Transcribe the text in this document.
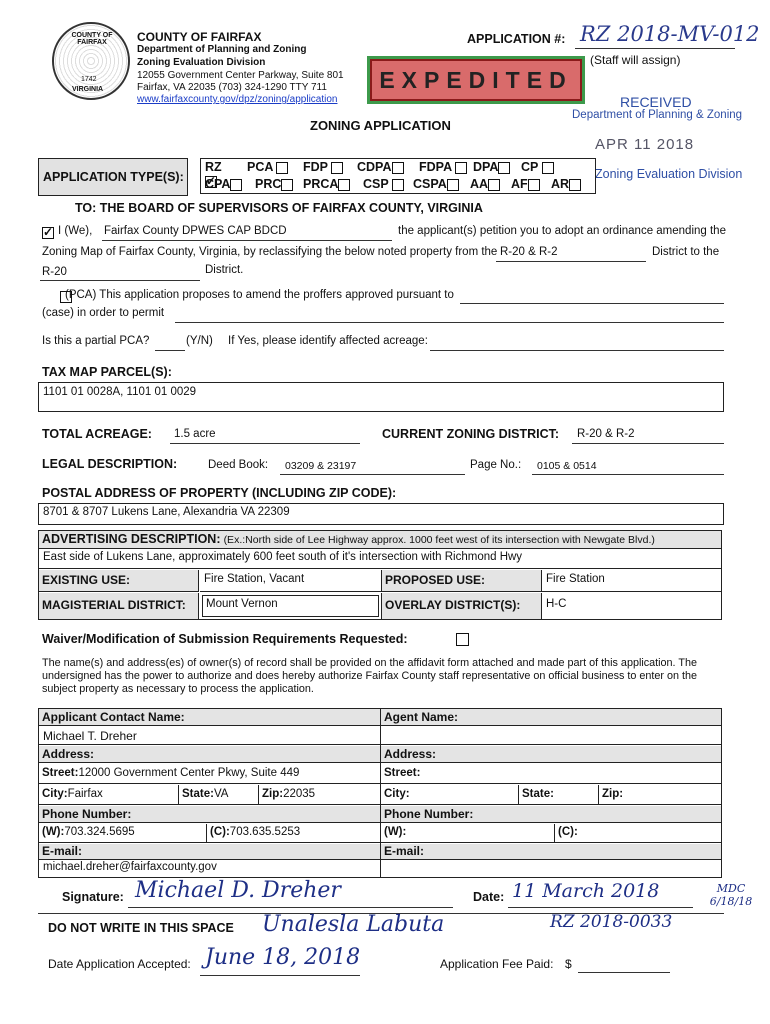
COUNTY OF FAIRFAX
1742
VIRGINIA
COUNTY OF FAIRFAX
Department of Planning and Zoning
Zoning Evaluation Division
12055 Government Center Parkway, Suite 801
Fairfax, VA 22035 (703) 324-1290 TTY 711
www.fairfaxcounty.gov/dpz/zoning/application
APPLICATION #: RZ 2018-MV-012
(Staff will assign)
EXPEDITED
ZONING APPLICATION
RECEIVED
Department of Planning & Zoning
APR 11 2018
Zoning Evaluation Division
APPLICATION TYPE(S):
RZ ✓ PCA	FDP	CDPA	FDPA	DPA	CP
CPA	PRC	PRCA	CSP	CSPA	AA	AF	AR
TO: THE BOARD OF SUPERVISORS OF FAIRFAX COUNTY, VIRGINIA
✓
I (We), Fairfax County DPWES CAP BDCD	the applicant(s) petition you to adopt an ordinance amending the
Zoning Map of Fairfax County, Virginia, by reclassifying the below noted property from the R-20 & R-2	District to the
R-20	District.

(PCA) This application proposes to amend the proffers approved pursuant to
(case) in order to permit
Is this a partial PCA?	(Y/N) If Yes, please identify affected acreage:
TAX MAP PARCEL(S):
1101 01 0028A, 1101 01 0029
TOTAL ACREAGE: 1.5 acre	CURRENT ZONING DISTRICT: R-20 & R-2
LEGAL DESCRIPTION:	Deed Book: 03209 & 23197	Page No.: 0105 & 0514
POSTAL ADDRESS OF PROPERTY (INCLUDING ZIP CODE):
8701 & 8707 Lukens Lane, Alexandria VA 22309
ADVERTISING DESCRIPTION: (Ex.:North side of Lee Highway approx. 1000 feet west of its intersection with Newgate Blvd.)
East side of Lukens Lane, approximately 600 feet south of it's intersection with Richmond Hwy
EXISTING USE:	Fire Station, Vacant	PROPOSED USE:	Fire Station
MAGISTERIAL DISTRICT:	Mount Vernon	OVERLAY DISTRICT(S):	H-C
Waiver/Modification of Submission Requirements Requested:
The name(s) and address(es) of owner(s) of record shall be provided on the affidavit form attached and made part of this application. The undersigned has the power to authorize and does hereby authorize Fairfax County staff representative on official business to enter on the subject property as necessary to process the application.
Applicant Contact Name:
Michael T. Dreher
Address:
Street:12000 Government Center Pkwy, Suite 449
City:Fairfax	State:VA	Zip:22035
Phone Number:
(W):703.324.5695	(C):703.635.5253
E-mail:
michael.dreher@fairfaxcounty.gov
Agent Name:
Address:
Street:
City:	State:	Zip:
Phone Number:
(W):	(C):
E-mail:
Signature: Michael D. Dreher	Date: 11 March 2018	MDC 6/18/18
DO NOT WRITE IN THIS SPACE Unalesla Labuta	RZ 2018-0033
Date Application Accepted: June 18, 2018	Application Fee Paid: $
